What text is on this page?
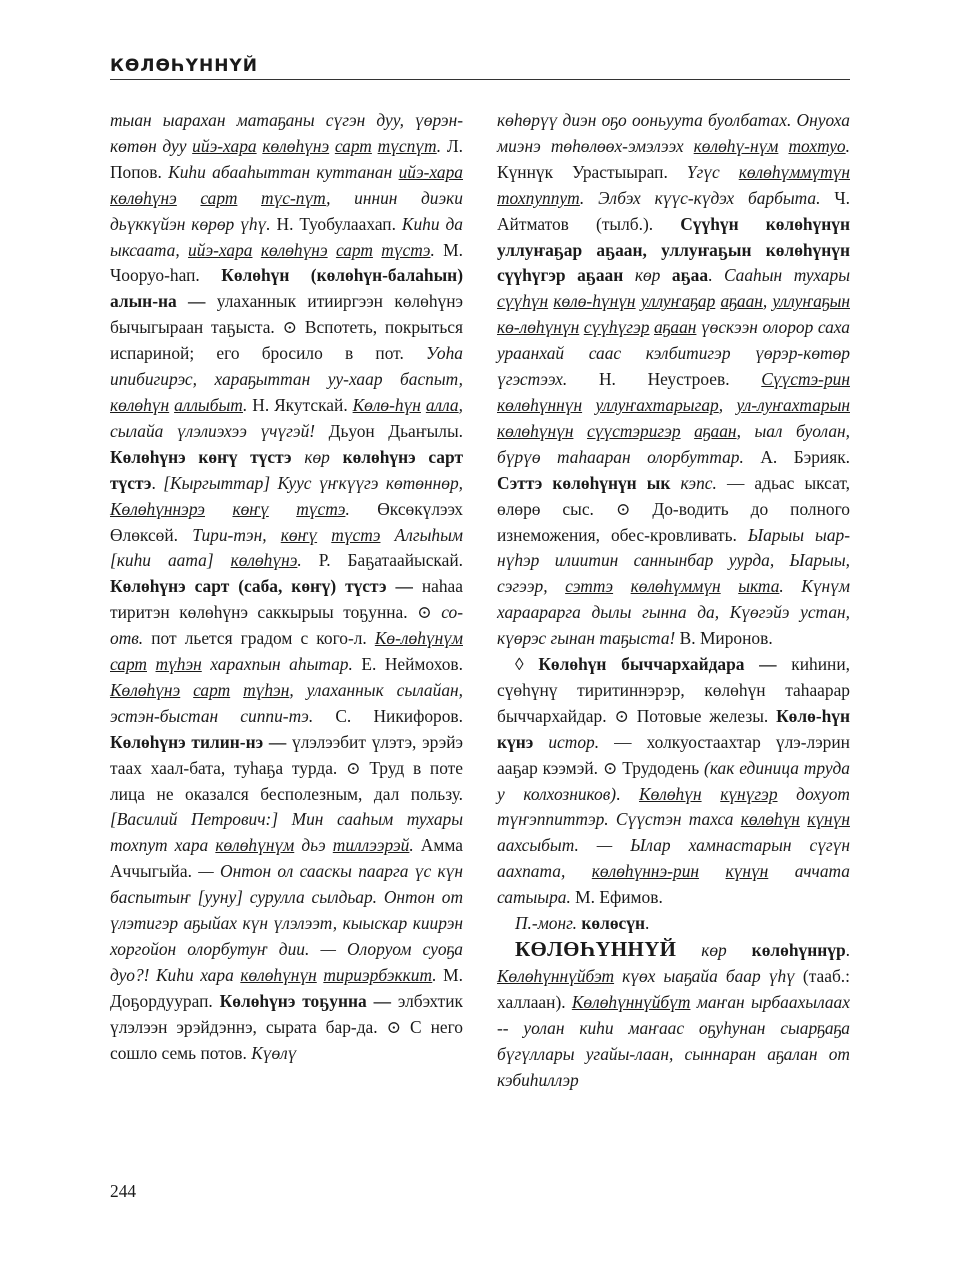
КӨЛӨҺҮННҮЙ

тыан ыарахан матаҕаны сүгэн дуу, үөрэн-көтөн дуу ийэ-хара көлөһүнэ сарт түспүт. Л. Попов. Киһи абааһыттан куттанан ийэ-хара көлөһүнэ сарт түс-пүт, иннин диэки дьүккүйэн көрөр үһү. Н. Туобулаахап. Киһи да ыксаата, ийэ-хара көлөһүнэ сарт түстэ. М. Чооруо-һап. Көлөһүн (көлөһүн-балаһын) алын-на — улаханнык итииргээн көлөһүнэ бычыгыраан таҕыста. ⊙ Вспотеть, покрыться испариной; его бросило в пот. Уоһа ипибигирэс, хараҕыттан уу-хаар баспыт, көлөһүн аллыбыт. Н. Якутскай. Көлө-һүн алла, сылайа үлэлиэхээ үчүгэй! Дьуон Дьаҥылы. Көлөһүнэ көҥү түстэ көр көлөһүнэ сарт түстэ. [Кыргыттар] Кууc үҥкүүгэ көтөннөр, Көлөһүннэрэ көҥү түстэ. Өксөкүлээх Өлөксөй. Тири-тэн, көҥү түстэ Алгыһым [киһи аата] көлөһүнэ. Р. Баҕатаайыскай. Көлөһүнэ сарт (саба, көҥү) түстэ — наһаа тиритэн көлөһүнэ саккырыы тоҕунна. ⊙ со-отв. пот льется градом с кого-л. Кө-лөһүнүм сарт түһэн харахпын аһытар. Е. Неймохов. Көлөһүнэ сарт түһэн, улаханнык сылайан, эстэн-быстан сиппи-тэ. С. Никифоров. Көлөһүнэ тилин-нэ — үлэлээбит үлэтэ, эрэйэ таах хаал-бата, туһаҕа турда. ⊙ Труд в поте лица не оказался бесполезным, дал пользу. [Василий Петрович:] Мин сааһым тухары тохпут хара көлөһүнүм дьэ тиллээрэй. Амма Аччыгыйа. — Онтон ол сааскы паарга үс күн баспытыҥ [ууну] сурулла сылдьар. Онтон от үлэтигэр аҕыйах күн үлэлээт, кыыскар киирэн хоргойон олорбутуҥ дии. — Олоруом суоҕа дуо?! Киһи хара көлөһүнүн тириэрбэккит. М. Доҕордуурап. Көлөһүнэ тоҕунна — элбэхтик үлэлээн эрэйдэннэ, сырата бар-да. ⊙ С него сошло семь потов. Күөлү

көһөрүү диэн оҕо ооньуута буолбатах. Онуоха миэнэ төһөлөөх-эмэлээх көлөһү-нүм тохтуо. Күннүк Урастыырап. Үгүс көлөһүммүтүн тохпуппут. Элбэх күүс-күдэх барбыта. Ч. Айтматов (тылб.). Сүүһүн көлөһүнүн уллуҥаҕар аҕаан, уллуҥаҕын көлөһүнүн сүүһүгэр аҕаан көр аҕаа. Сааһын тухары сүүһүн көлө-һүнүн уллуҥаҕар аҕаан, уллуҥаҕын кө-лөһүнүн сүүһүгэр аҕаан үөскээн олорор саха ураанхай саас кэлбитигэр үөрэр-көтөр үгэстээх. Н. Неустроев. Сүүстэ-рин көлөһүннүн уллуҥахтарыгар, ул-луҥахтарын көлөһүнүн сүүстэригэр аҕаан, ыал буолан, бүрүө таһааран олорбуттар. А. Бэрияк. Сэттэ көлөһүнүн ык кэпс. — адьас ыксат, өлөрө сыс. ⊙ До-водить до полного изнеможения, обес-кровливать. Ыарыы ыар-нүһэр илиитин саннынбар уурда, Ыарыы, сэгээр, сэттэ көлөһүммүн ыкта. Күнүм хараарарга дылы гынна да, Күөгэйэ устан, күөрэс гынан таҕыста! В. Миронов.

◊ Көлөһүн быччархайдара — киһини, сүөһүнү тиритиннэрэр, көлөһүн таһаарар быччархайдар. ⊙ Потовые железы. Көлө-һүн күнэ истор. — холкуостаахтар үлэ-лэрин ааҕар кээмэй. ⊙ Трудодень (как единица труда у колхозников). Көлөһүн күнүгэр дохуот түҥэппиттэр. Сүүстэн тахса көлөһүн күнүн аахсыбыт. — Ылар хамнастарын сүгүн аахпата, көлөһүннэ-рин күнүн аччата сатыыра. М. Ефимов.

П.-монг. көлөсүн.

КӨЛӨҺҮННҮЙ көр көлөһүннүр. Көлөһүннүйбэт күөх ыаҕайа баар үһү (тааб.: халлаан). Көлөһүннүйбүт маҥан ырбаахылаах -- уолан киһи маҥаас оҕуһунан сыарҕаҕа бүгүллары угайы-лаан, сыннаран аҕалан от кэбиһиллэр

244
